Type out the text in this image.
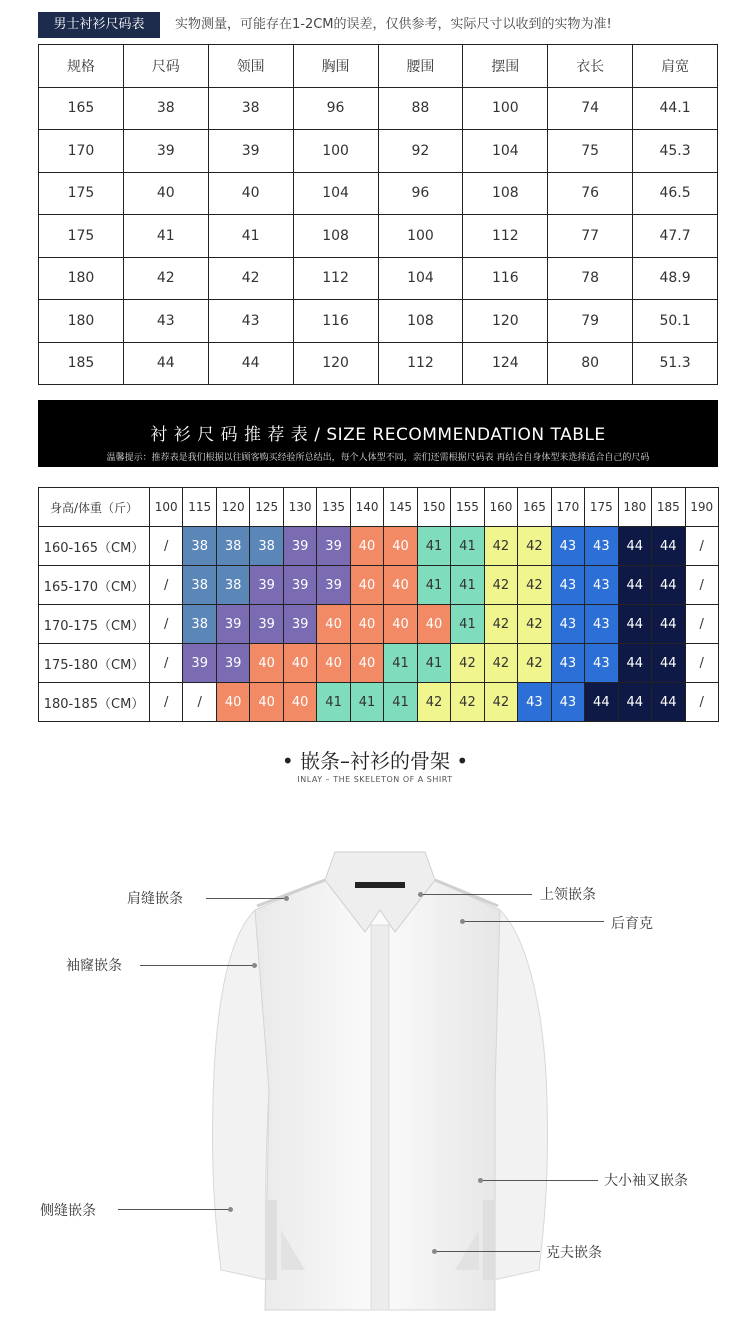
男士衬衫尺码表	实物测量，可能存在1-2CM的误差，仅供参考，实际尺寸以收到的实物为准!
规格	尺码	领围	胸围	腰围	摆围	衣长	肩宽
165	38	38	96	88	100	74	44.1
170	39	39	100	92	104	75	45.3
175	40	40	104	96	108	76	46.5
175	41	41	108	100	112	77	47.7
180	42	42	112	104	116	78	48.9
180	43	43	116	108	120	79	50.1
185	44	44	120	112	124	80	51.3
衬 衫 尺 码 推 荐 表 / SIZE RECOMMENDATION TABLE
温馨提示：推荐表是我们根据以往顾客购买经验所总结出，每个人体型不同，亲们还需根据尺码表 再结合自身体型来选择适合自己的尺码
身高/体重（斤）	100	115	120	125	130	135	140	145	150	155	160	165	170	175	180	185	190
160-165（CM）	/	38	38	38	39	39	40	40	41	41	42	42	43	43	44	44	/
165-170（CM）	/	38	38	39	39	39	40	40	41	41	42	42	43	43	44	44	/
170-175（CM）	/	38	39	39	39	40	40	40	40	41	42	42	43	43	44	44	/
175-180（CM）	/	39	39	40	40	40	40	41	41	42	42	42	43	43	44	44	/
180-185（CM）	/	/	40	40	40	41	41	41	42	42	42	43	43	44	44	44	/
• 嵌条–衬衫的骨架 •
INLAY – THE SKELETON OF A SHIRT
肩缝嵌条
袖窿嵌条
侧缝嵌条
上领嵌条
后育克
大小袖叉嵌条
克夫嵌条
